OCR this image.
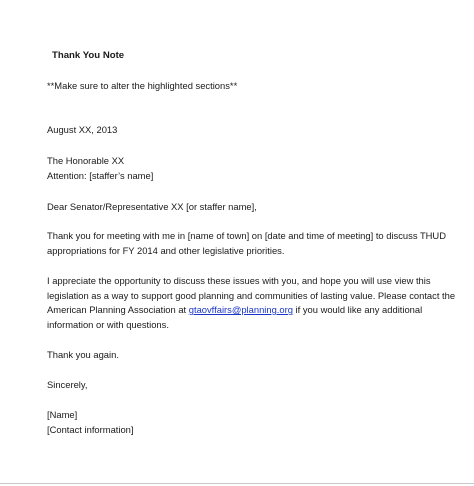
Thank You Note
**Make sure to alter the highlighted sections**
August XX, 2013
The Honorable XX
Attention: [staffer’s name]
Dear Senator/Representative XX [or staffer name],
Thank you for meeting with me in [name of town] on [date and time of meeting] to discuss THUD
appropriations for FY 2014 and other legislative priorities.
I appreciate the opportunity to discuss these issues with you, and hope you will use view this
legislation as a way to support good planning and communities of lasting value. Please contact the
American Planning Association at gtaovffairs@planning.org if you would like any additional
information or with questions.
Thank you again.
Sincerely,
[Name]
[Contact information]
